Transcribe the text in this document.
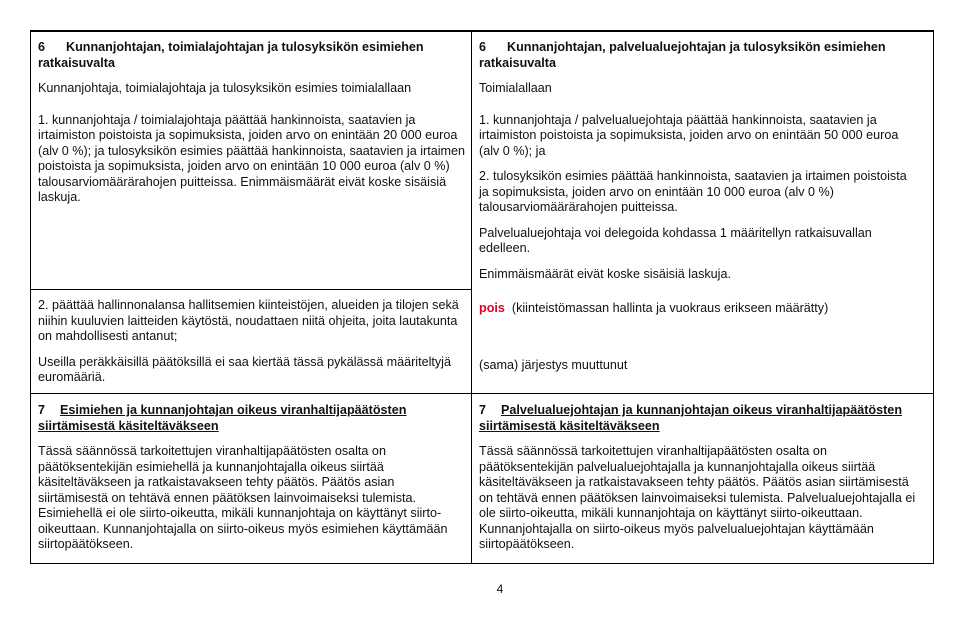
6 Kunnanjohtajan, toimialajohtajan ja tulosyksikön esimiehen ratkaisuvalta

Kunnanjohtaja, toimialajohtaja ja tulosyksikön esimies toimialallaan

1. kunnanjohtaja / toimialajohtaja päättää hankinnoista, saatavien ja irtaimiston poistoista ja sopimuksista, joiden arvo on enintään 20 000 euroa (alv 0 %); ja tulosyksikön esimies päättää hankinnoista, saatavien ja irtaimen poistoista ja sopimuksista, joiden arvo on enintään 10 000 euroa (alv 0 %) talousarviomäärärahojen puitteissa. Enimmäismäärät eivät koske sisäisiä laskuja.

2. päättää hallinnonalansa hallitsemien kiinteistöjen, alueiden ja tilojen sekä niihin kuuluvien laitteiden käytöstä, noudattaen niitä ohjeita, joita lautakunta on mahdollisesti antanut;

Useilla peräkkäisillä päätöksillä ei saa kiertää tässä pykälässä määriteltyjä euromääriä.

7 Esimiehen ja kunnanjohtajan oikeus viranhaltijapäätösten siirtämisestä käsiteltäväkseen

Tässä säännössä tarkoitettujen viranhaltijapäätösten osalta on päätöksentekijän esimiehellä ja kunnanjohtajalla oikeus siirtää käsiteltäväkseen ja ratkaistavakseen tehty päätös. Päätös asian siirtämisestä on tehtävä ennen päätöksen lainvoimaiseksi tulemista. Esimiehellä ei ole siirto-oikeutta, mikäli kunnanjohtaja on käyttänyt siirto-oikeuttaan. Kunnanjohtajalla on siirto-oikeus myös esimiehen käyttämään siirtopäätökseen.

6 Kunnanjohtajan, palvelualuejohtajan ja tulosyksikön esimiehen ratkaisuvalta

Toimialallaan

1. kunnanjohtaja / palvelualuejohtaja päättää hankinnoista, saatavien ja irtaimiston poistoista ja sopimuksista, joiden arvo on enintään 50 000 euroa (alv 0 %); ja

2. tulosyksikön esimies päättää hankinnoista, saatavien ja irtaimen poistoista ja sopimuksista, joiden arvo on enintään 10 000 euroa (alv 0 %) talousarviomäärärahojen puitteissa.

Palvelualuejohtaja voi delegoida kohdassa 1 määritellyn ratkaisuvallan edelleen.

Enimmäismäärät eivät koske sisäisiä laskuja.

pois (kiinteistömassan hallinta ja vuokraus erikseen määrätty)

(sama) järjestys muuttunut

7 Palvelualuejohtajan ja kunnanjohtajan oikeus viranhaltijapäätösten siirtämisestä käsiteltäväkseen

Tässä säännössä tarkoitettujen viranhaltijapäätösten osalta on päätöksentekijän palvelualuejohtajalla ja kunnanjohtajalla oikeus siirtää käsiteltäväkseen ja ratkaistavakseen tehty päätös. Päätös asian siirtämisestä on tehtävä ennen päätöksen lainvoimaiseksi tulemista. Palvelualuejohtajalla ei ole siirto-oikeutta, mikäli kunnanjohtaja on käyttänyt siirto-oikeuttaan. Kunnanjohtajalla on siirto-oikeus myös palvelualuejohtajan käyttämään siirtopäätökseen.

4
